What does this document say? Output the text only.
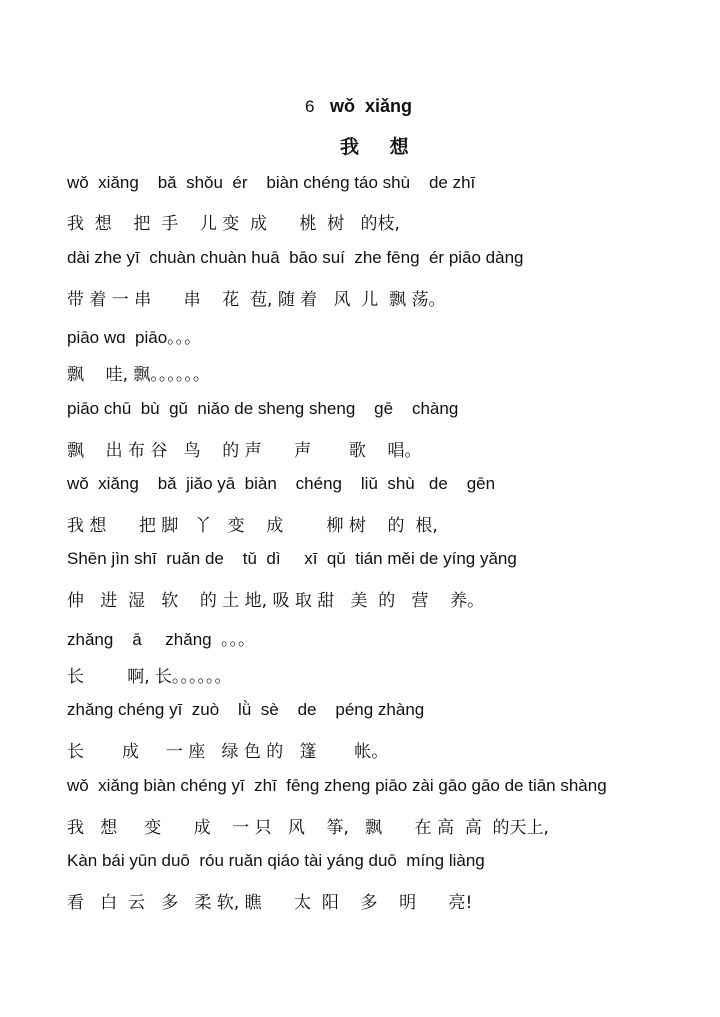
6 wǒ  xiǎng
我 想
wǒ  xiǎng    bǎ  shǒu  ér    biàn chéng táo shù    de zhī
我  想    把  手    儿 变  成      桃  树   的枝,
dài zhe yī  chuàn chuàn huā  bāo suí  zhe fēng  ér piāo dàng
带 着 一 串      串    花  苞, 随 着   风  儿  飘 荡。
piāo wɑ  piāo。。。
飘    哇, 飘。。。。。。
piāo chū  bù  gǔ  niǎo de sheng sheng    gē    chàng
飘    出 布 谷   鸟    的 声      声       歌    唱。
wǒ  xiǎng    bǎ  jiǎo yā  biàn    chéng    liǔ  shù   de    gēn
我 想      把 脚   丫   变    成        柳 树    的  根,
Shēn jìn shī  ruǎn de    tǔ  dì     xī  qǔ  tián měi de yíng yǎng
伸   进  湿   软    的 土 地, 吸 取 甜   美  的   营    养。
zhǎng    ā     zhǎng  。。。
长        啊, 长。。。。。。
zhǎng chéng yī  zuò    lǜ  sè    de    péng zhàng
长       成     一 座   绿 色 的   篷       帐。
wǒ  xiǎng biàn chéng yī  zhī  fēng zheng piāo zài gāo gāo de tiān shàng
我   想     变      成    一 只   风    筝,   飘      在 高  高  的天上,
Kàn bái yūn duō  róu ruǎn qiáo tài yáng duō  míng liàng
看   白  云   多   柔 软, 瞧      太  阳    多    明      亮!
